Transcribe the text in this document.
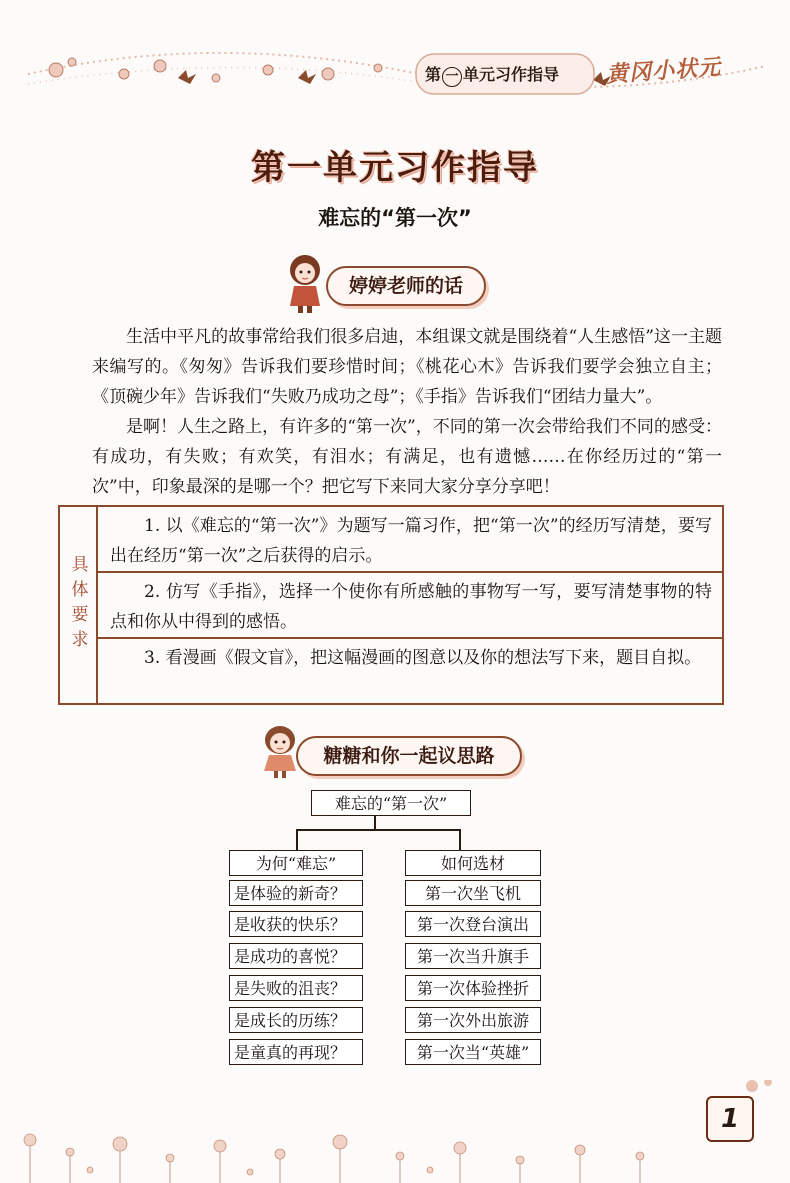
第 一 单元习作指导 黄冈小状元
第一单元习作指导
难忘的“第一次”
婷婷老师的话
生活中平凡的故事常给我们很多启迪，本组课文就是围绕着“人生感悟”这一主题来编写的。《匆匆》告诉我们要珍惜时间；《桃花心木》告诉我们要学会独立自主；《顶碗少年》告诉我们“失败乃成功之母”；《手指》告诉我们“团结力量大”。
是啊！人生之路上，有许多的“第一次”，不同的第一次会带给我们不同的感受：有成功，有失败；有欢笑，有泪水；有满足，也有遗憾……在你经历过的“第一次”中，印象最深的是哪一个？把它写下来同大家分享分享吧！
具体要求
1. 以《难忘的“第一次”》为题写一篇习作，把“第一次”的经历写清楚，要写出在经历“第一次”之后获得的启示。
2. 仿写《手指》，选择一个使你有所感触的事物写一写，要写清楚事物的特点和你从中得到的感悟。
3. 看漫画《假文盲》，把这幅漫画的图意以及你的想法写下来，题目自拟。
糖糖和你一起议思路
难忘的“第一次”
为何“难忘”	如何选材
是体验的新奇？
是收获的快乐？
是成功的喜悦？
是失败的沮丧？
是成长的历练？
是童真的再现？
第一次坐飞机
第一次登台演出
第一次当升旗手
第一次体验挫折
第一次外出旅游
第一次当“英雄”
1
